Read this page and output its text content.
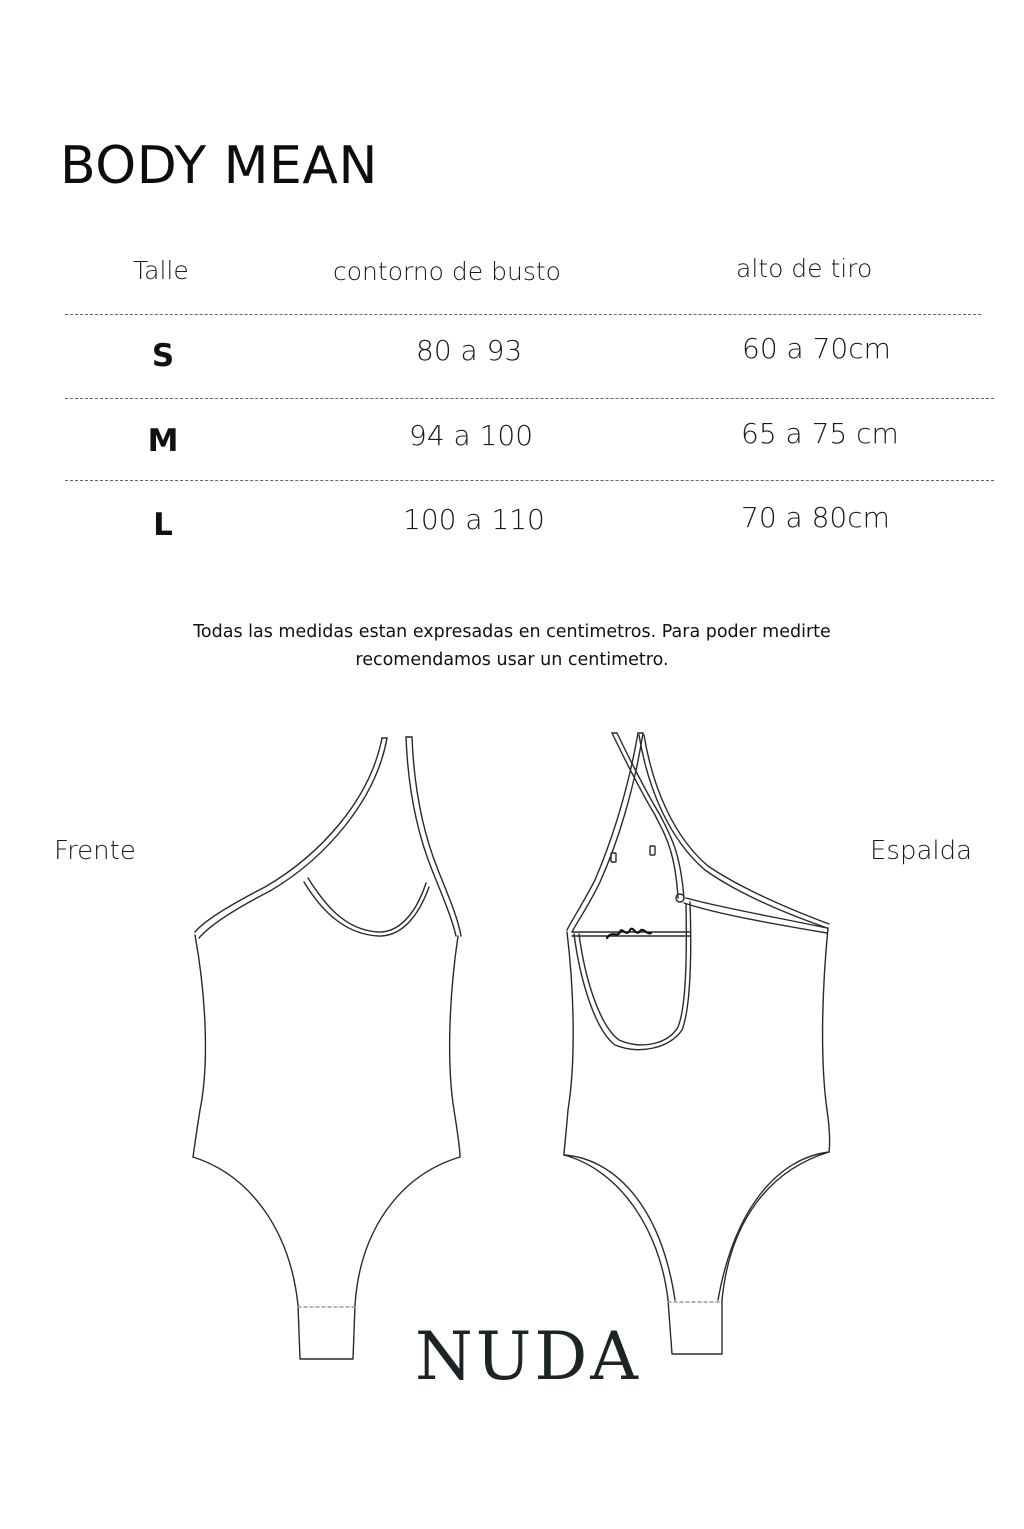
BODY MEAN
Talle	contorno de busto	alto de tiro
S	80 a 93	60 a 70cm
M	94 a 100	65 a 75 cm
L	100 a 110	70 a 80cm
Todas las medidas estan expresadas en centimetros. Para poder medirte
recomendamos usar un centimetro.
Frente	Espalda
NUDA
